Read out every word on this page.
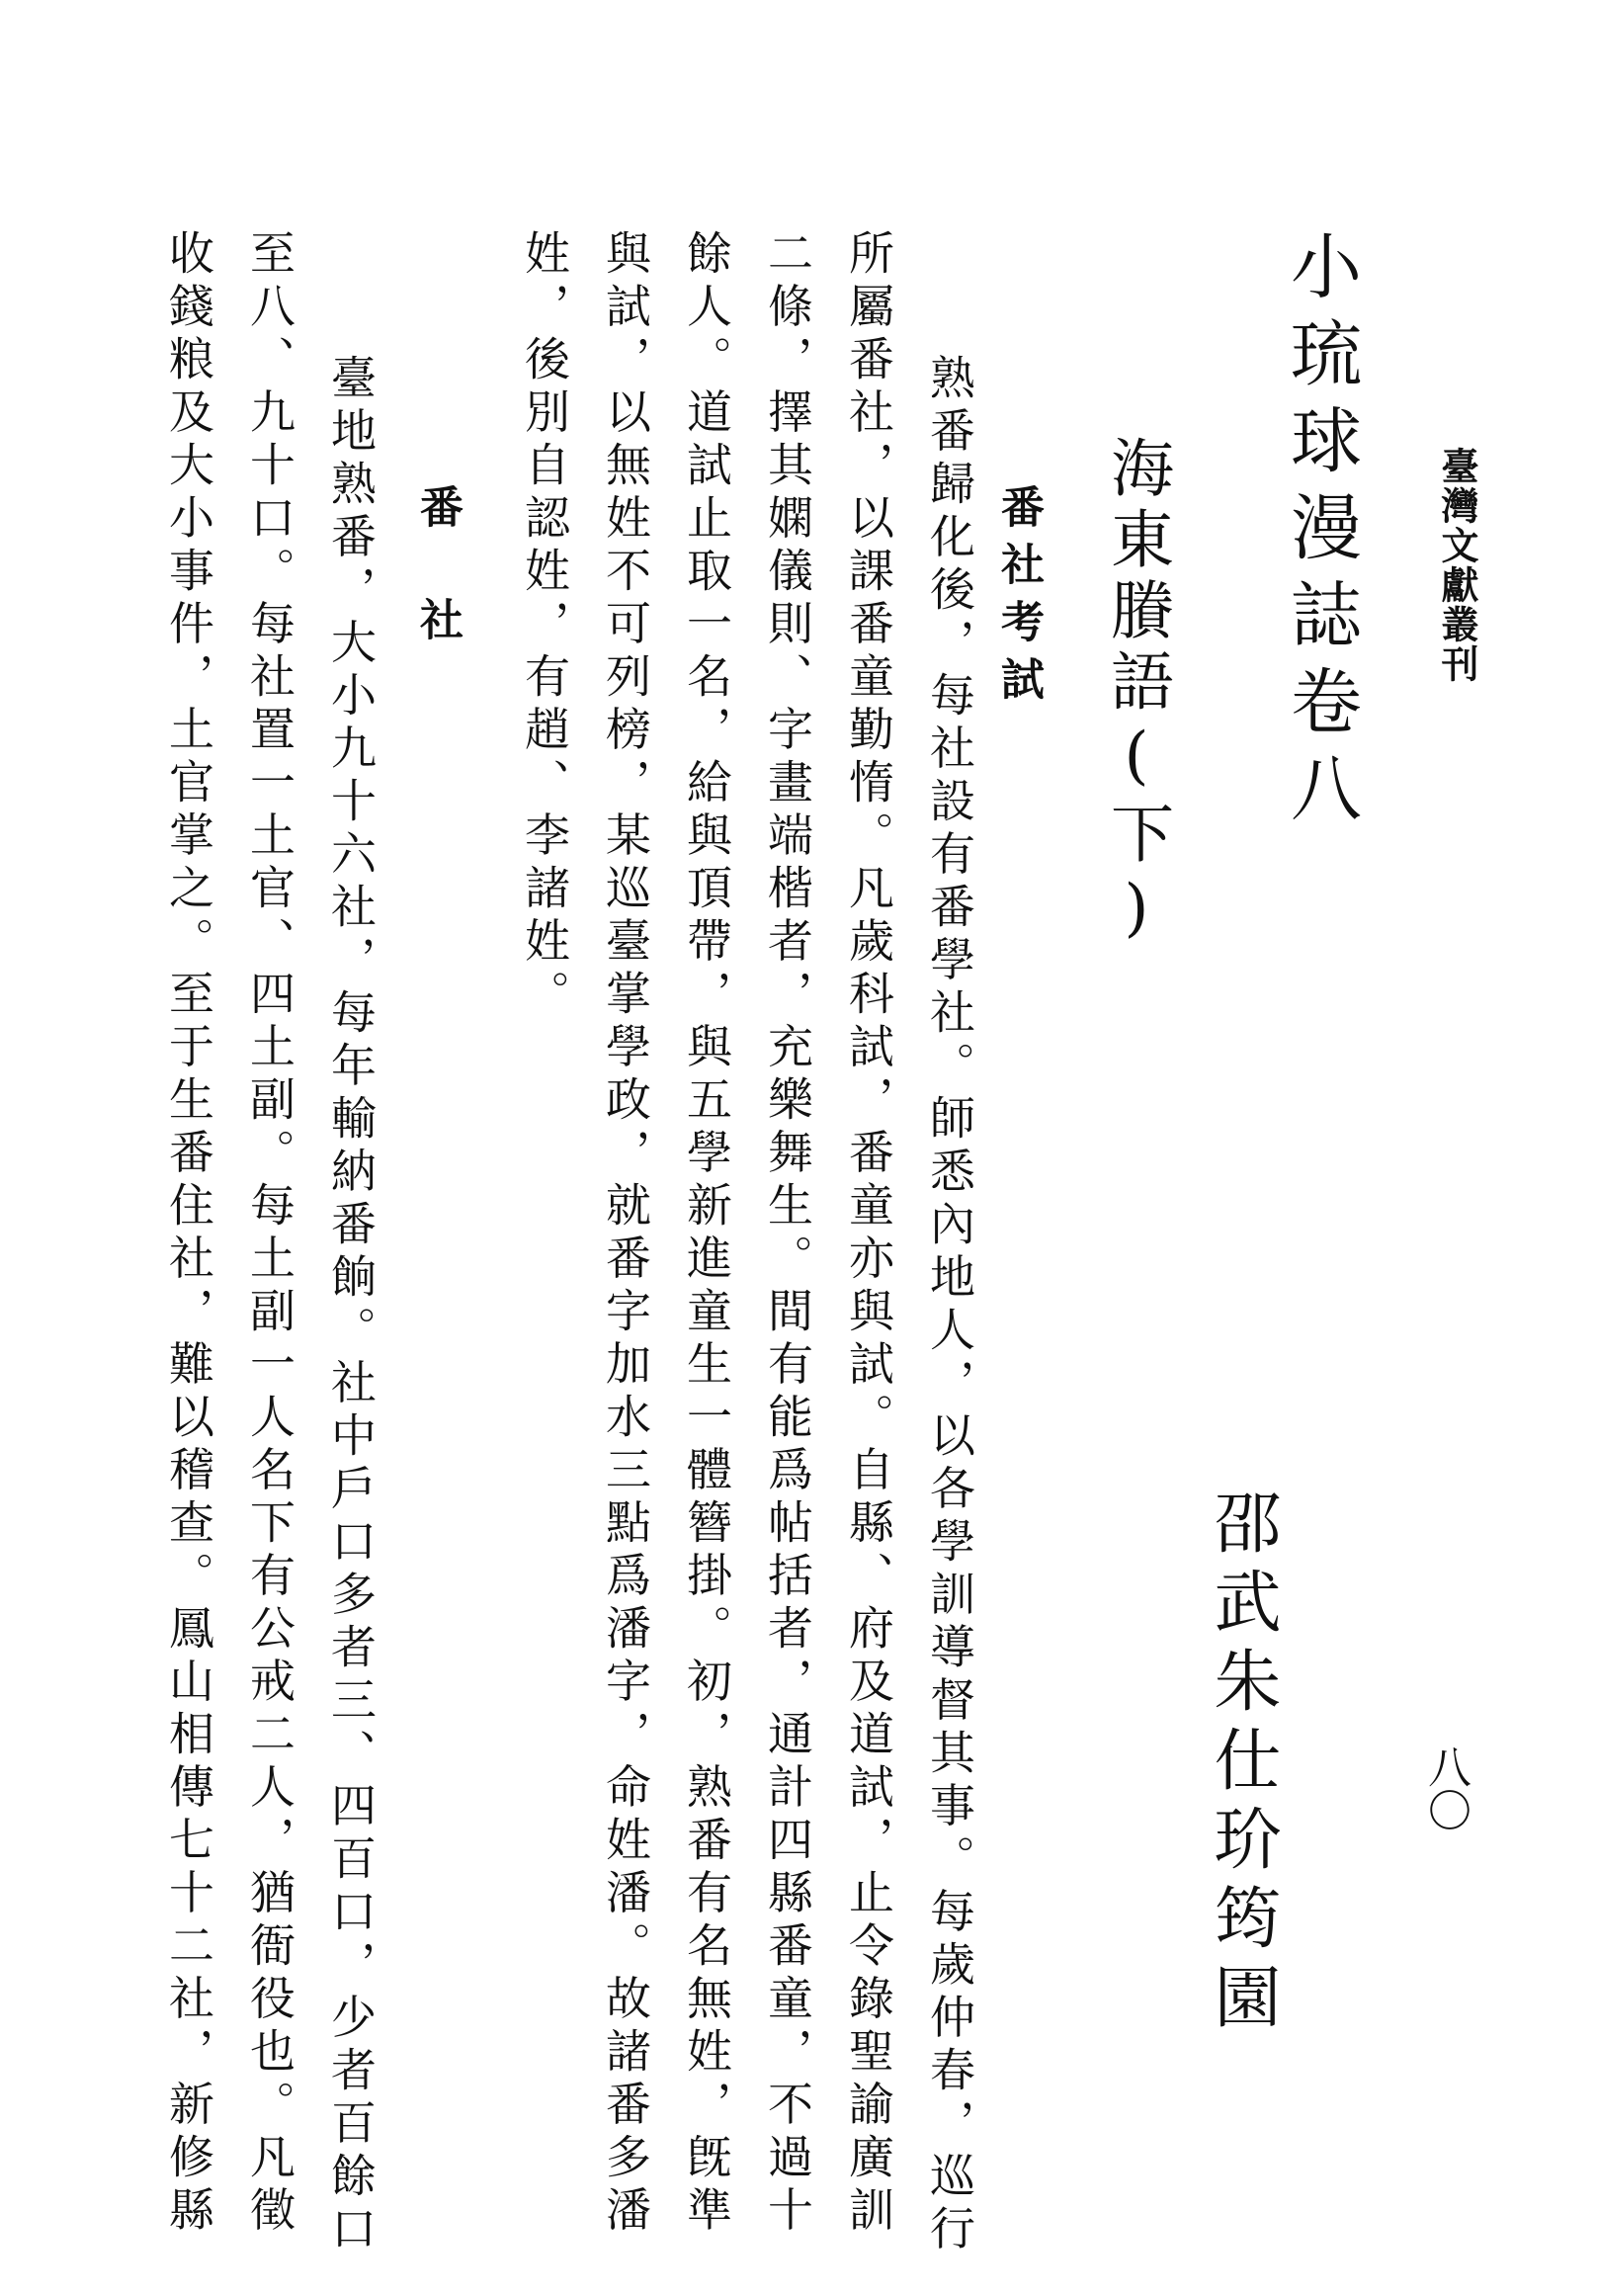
臺灣文獻叢刊
八〇
小琉球漫誌卷八
邵武朱仕玠筠園
海東賸語(下)
番社考試
熟番歸化後，每社設有番學社。師悉內地人，以各學訓導督其事。每歲仲春，巡行
所屬番社，以課番童勤惰。凡歲科試，番童亦與試。自縣、府及道試，止令錄聖諭廣訓
二條，擇其嫻儀則、字畫端楷者，充樂舞生。間有能爲帖括者，通計四縣番童，不過十
餘人。道試止取一名，給與頂帶，與五學新進童生一體簪掛。初，熟番有名無姓，旣準
與試，以無姓不可列榜，某巡臺掌學政，就番字加水三點爲潘字，命姓潘。故諸番多潘
姓，後別自認姓，有趙、李諸姓。
番社
臺地熟番，大小九十六社，每年輸納番餉。社中戶口多者三、四百口，少者百餘口
至八、九十口。每社置一土官、四土副。每土副一人名下有公戒二人，猶衙役也。凡徵
收錢粮及大小事件，土官掌之。至于生番住社，難以稽查。鳳山相傳七十二社，新修縣
